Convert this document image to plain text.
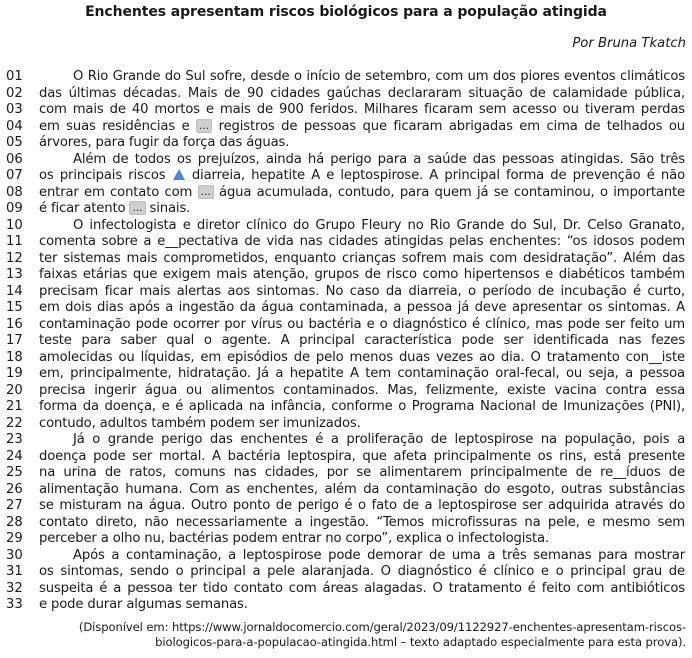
Enchentes apresentam riscos biológicos para a população atingida
Por Bruna Tkatch
01	O Rio Grande do Sul sofre, desde o início de setembro, com um dos piores eventos climáticos
02	das últimas décadas. Mais de 90 cidades gaúchas declararam situação de calamidade pública,
03	com mais de 40 mortos e mais de 900 feridos. Milhares ficaram sem acesso ou tiveram perdas
04	em suas residências e ... registros de pessoas que ficaram abrigadas em cima de telhados ou
05	árvores, para fugir da força das águas.
06	Além de todos os prejuízos, ainda há perigo para a saúde das pessoas atingidas. São três
07	os principais riscos  diarreia, hepatite A e leptospirose. A principal forma de prevenção é não
08	entrar em contato com ... água acumulada, contudo, para quem já se contaminou, o importante
09	é ficar atento ... sinais.
10	O infectologista e diretor clínico do Grupo Fleury no Rio Grande do Sul, Dr. Celso Granato,
11	comenta sobre a e__pectativa de vida nas cidades atingidas pelas enchentes: “os idosos podem
12	ter sistemas mais comprometidos, enquanto crianças sofrem mais com desidratação”. Além das
13	faixas etárias que exigem mais atenção, grupos de risco como hipertensos e diabéticos também
14	precisam ficar mais alertas aos sintomas. No caso da diarreia, o período de incubação é curto,
15	em dois dias após a ingestão da água contaminada, a pessoa já deve apresentar os sintomas. A
16	contaminação pode ocorrer por vírus ou bactéria e o diagnóstico é clínico, mas pode ser feito um
17	teste para saber qual o agente. A principal característica pode ser identificada nas fezes
18	amolecidas ou líquidas, em episódios de pelo menos duas vezes ao dia. O tratamento con__iste
19	em, principalmente, hidratação. Já a hepatite A tem contaminação oral-fecal, ou seja, a pessoa
20	precisa ingerir água ou alimentos contaminados. Mas, felizmente, existe vacina contra essa
21	forma da doença, e é aplicada na infância, conforme o Programa Nacional de Imunizações (PNI),
22	contudo, adultos também podem ser imunizados.
23	Já o grande perigo das enchentes é a proliferação de leptospirose na população, pois a
24	doença pode ser mortal. A bactéria leptospira, que afeta principalmente os rins, está presente
25	na urina de ratos, comuns nas cidades, por se alimentarem principalmente de re__íduos de
26	alimentação humana. Com as enchentes, além da contaminação do esgoto, outras substâncias
27	se misturam na água. Outro ponto de perigo é o fato de a leptospirose ser adquirida através do
28	contato direto, não necessariamente a ingestão. “Temos microfissuras na pele, e mesmo sem
29	perceber a olho nu, bactérias podem entrar no corpo”, explica o infectologista.
30	Após a contaminação, a leptospirose pode demorar de uma a três semanas para mostrar
31	os sintomas, sendo o principal a pele alaranjada. O diagnóstico é clínico e o principal grau de
32	suspeita é a pessoa ter tido contato com áreas alagadas. O tratamento é feito com antibióticos
33	e pode durar algumas semanas.
(Disponível em: https://www.jornaldocomercio.com/geral/2023/09/1122927-enchentes-apresentam-riscos-
biologicos-para-a-populacao-atingida.html – texto adaptado especialmente para esta prova).
